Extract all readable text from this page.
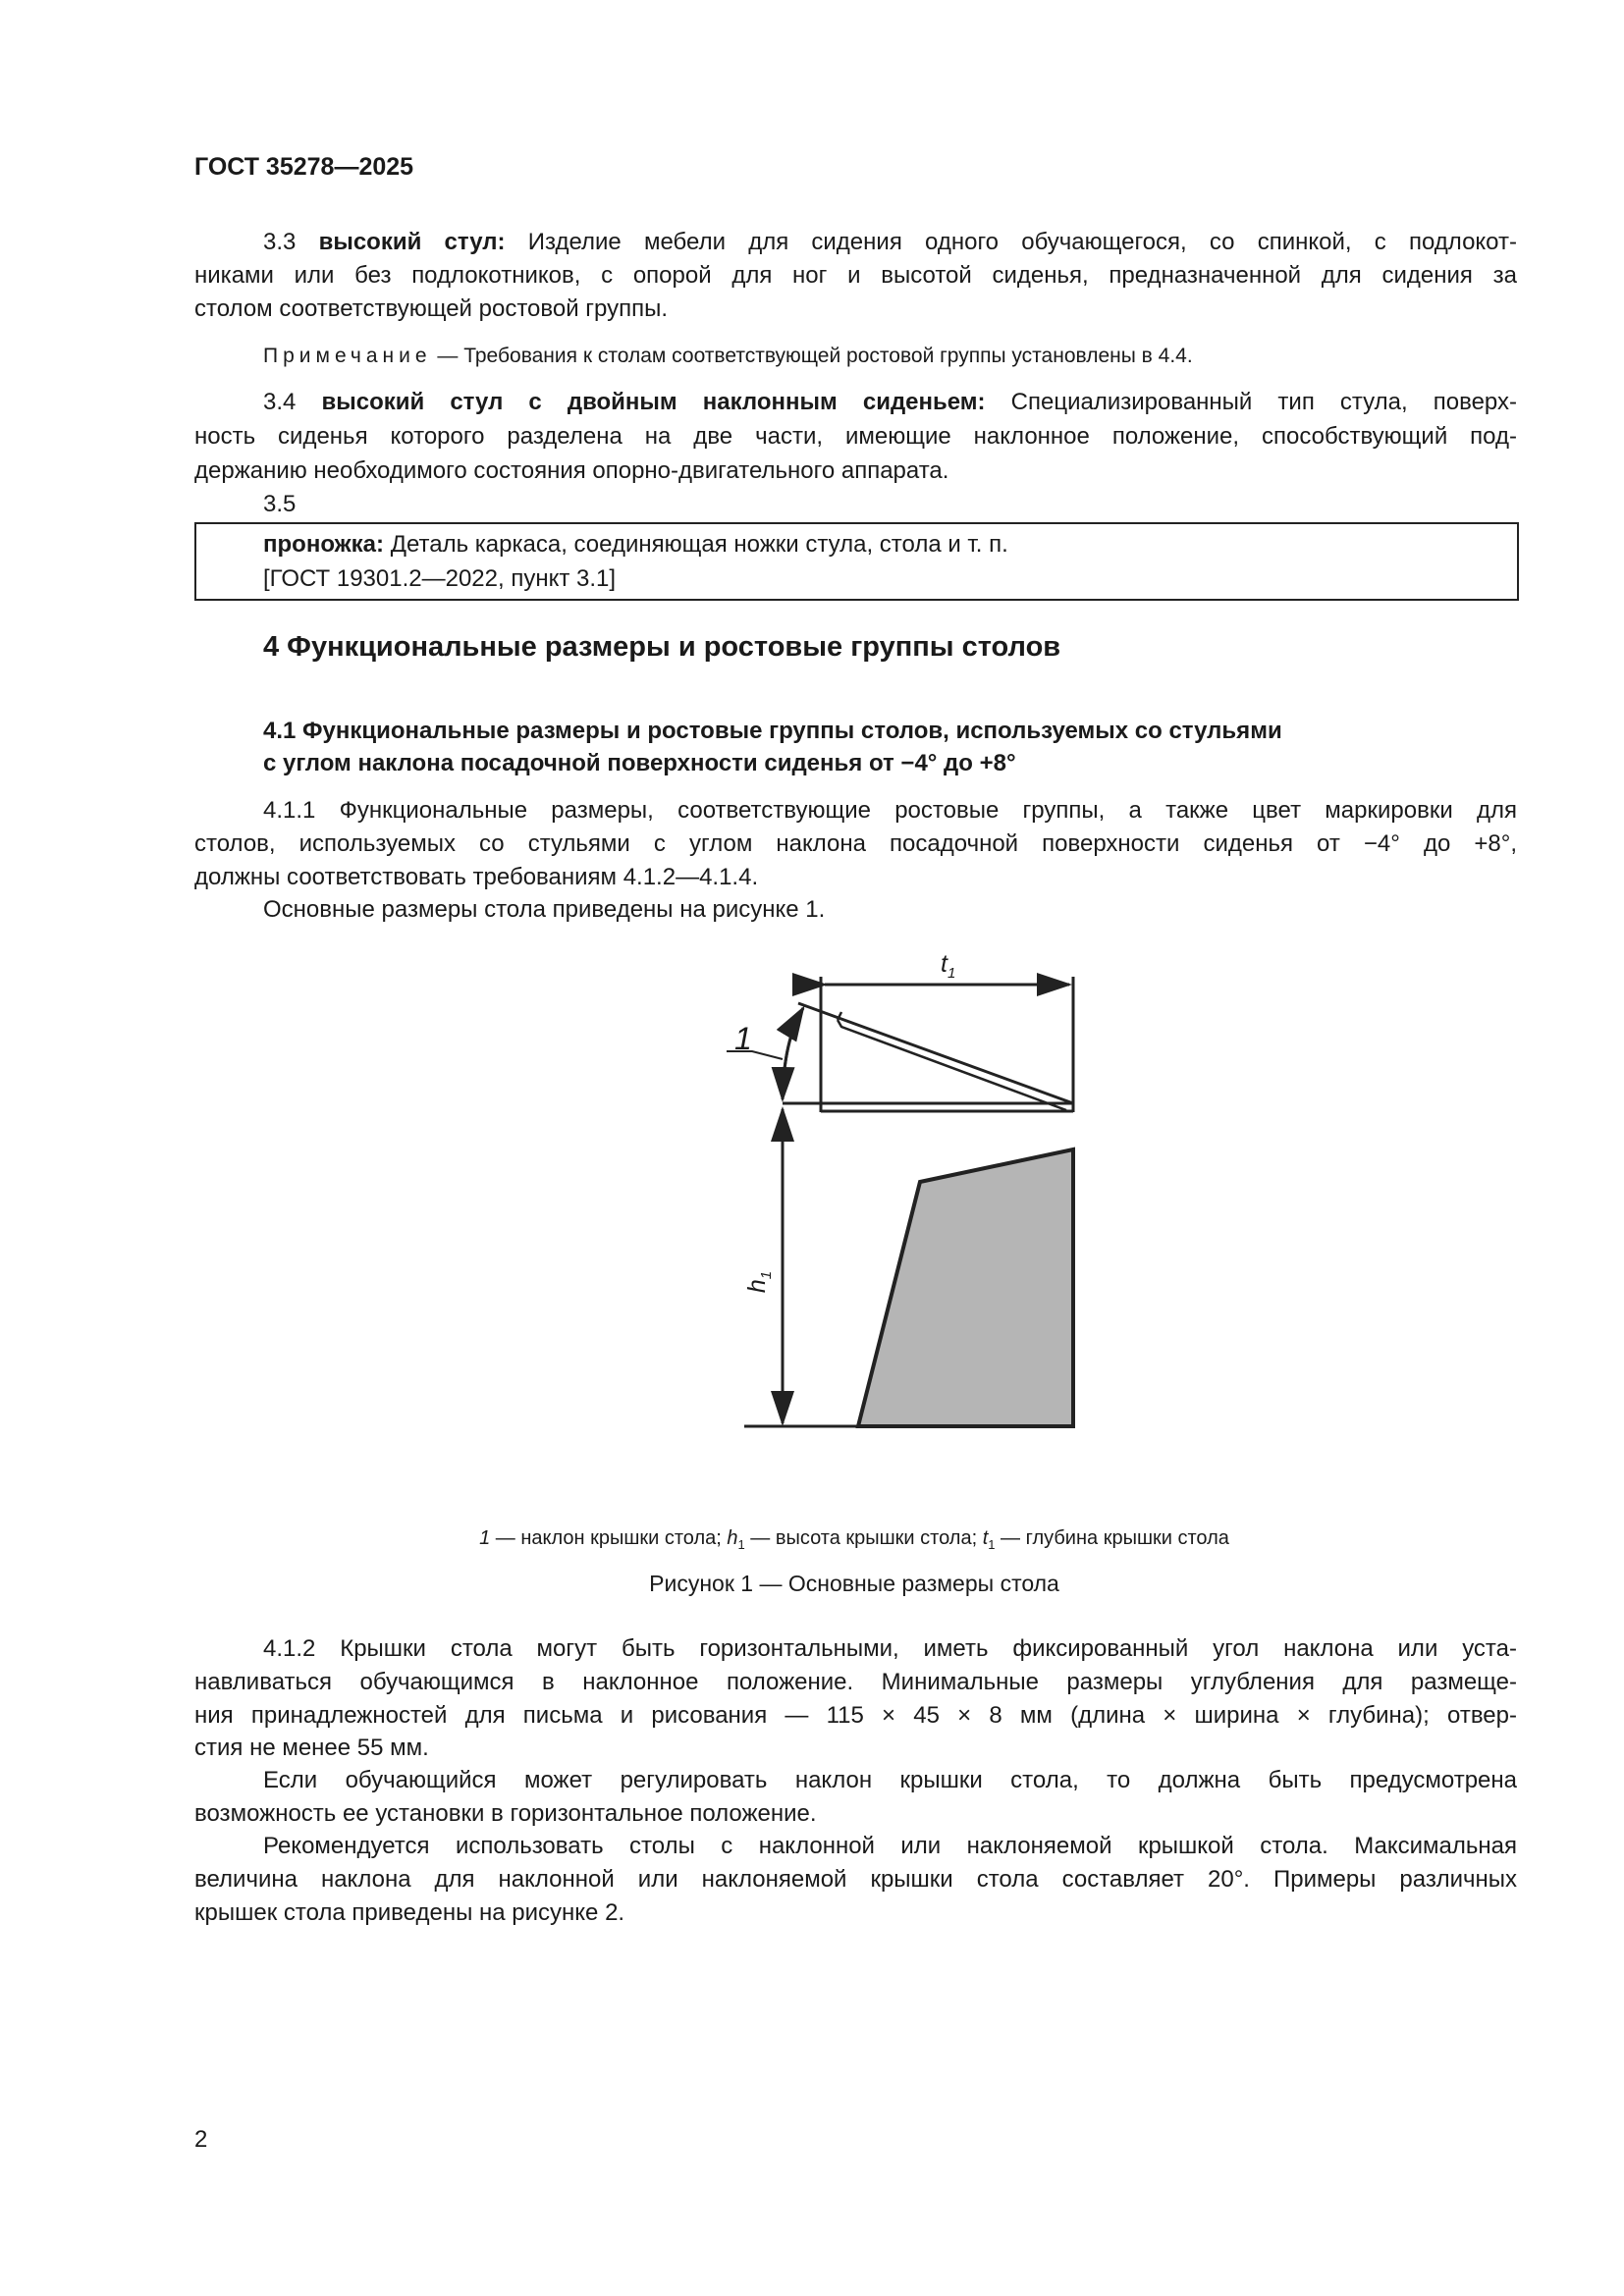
ГОСТ 35278—2025
3.3 высокий стул: Изделие мебели для сидения одного обучающегося, со спинкой, с подлокот-
никами или без подлокотников, с опорой для ног и высотой сиденья, предназначенной для сидения за
столом соответствующей ростовой группы.
Примечание — Требования к столам соответствующей ростовой группы установлены в 4.4.
3.4 высокий стул с двойным наклонным сиденьем: Специализированный тип стула, поверх-
ность сиденья которого разделена на две части, имеющие наклонное положение, способствующий под-
держанию необходимого состояния опорно-двигательного аппарата.
3.5
проножка: Деталь каркаса, соединяющая ножки стула, стола и т. п.
[ГОСТ 19301.2—2022, пункт 3.1]
4 Функциональные размеры и ростовые группы столов
4.1 Функциональные размеры и ростовые группы столов, используемых со стульями
с углом наклона посадочной поверхности сиденья от −4° до +8°
4.1.1 Функциональные размеры, соответствующие ростовые группы, а также цвет маркировки для
столов, используемых со стульями с углом наклона посадочной поверхности сиденья от −4° до +8°,
должны соответствовать требованиям 4.1.2—4.1.4.
Основные размеры стола приведены на рисунке 1.
$t_1$
1
$h_1$
1 — наклон крышки стола; $h_1$ — высота крышки стола; $t_1$ — глубина крышки стола
Рисунок 1 — Основные размеры стола
4.1.2 Крышки стола могут быть горизонтальными, иметь фиксированный угол наклона или уста-
навливаться обучающимся в наклонное положение. Минимальные размеры углубления для размеще-
ния принадлежностей для письма и рисования — 115 × 45 × 8 мм (длина × ширина × глубина); отвер-
стия не менее 55 мм.
Если обучающийся может регулировать наклон крышки стола, то должна быть предусмотрена
возможность ее установки в горизонтальное положение.
Рекомендуется использовать столы с наклонной или наклоняемой крышкой стола. Максимальная
величина наклона для наклонной или наклоняемой крышки стола составляет 20°. Примеры различных
крышек стола приведены на рисунке 2.
2
